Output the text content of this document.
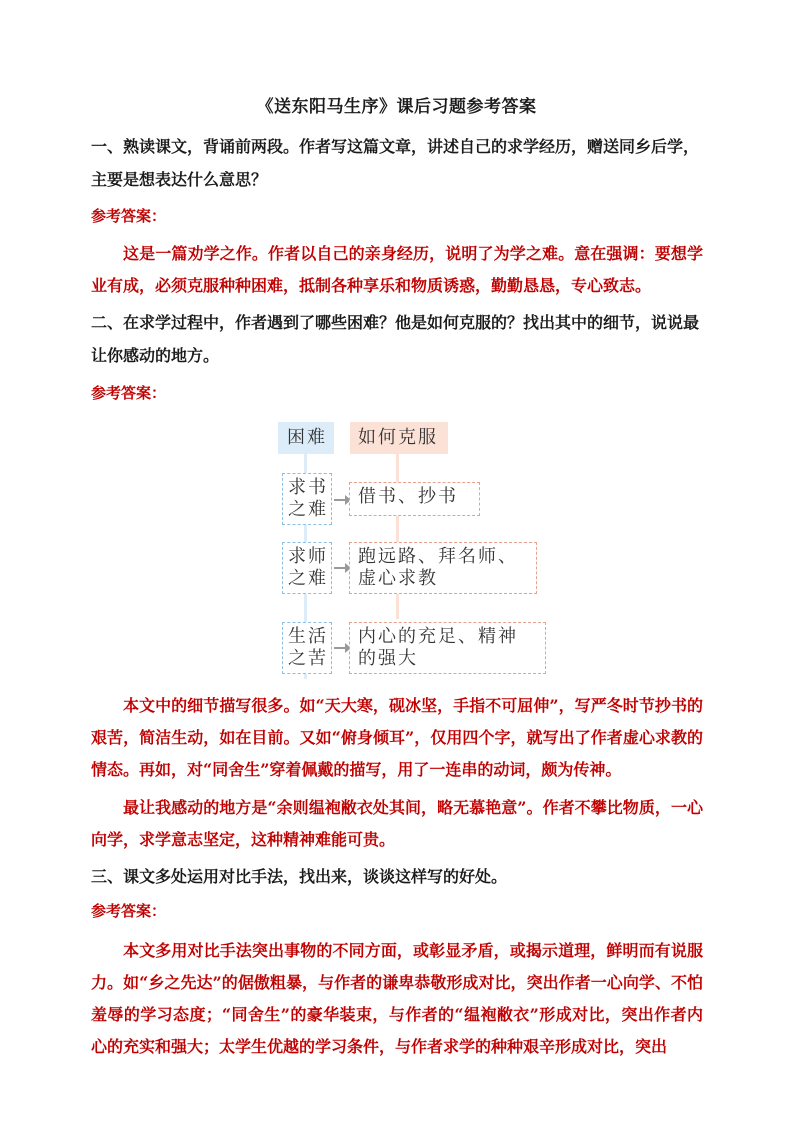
《送东阳马生序》课后习题参考答案
一、熟读课文，背诵前两段。作者写这篇文章，讲述自己的求学经历，赠送同乡后学，主要是想表达什么意思？
参考答案：
这是一篇劝学之作。作者以自己的亲身经历，说明了为学之难。意在强调：要想学业有成，必须克服种种困难，抵制各种享乐和物质诱惑，勤勤恳恳，专心致志。
二、在求学过程中，作者遇到了哪些困难？他是如何克服的？找出其中的细节，说说最让你感动的地方。
参考答案：
困难	如何克服
求书
之难
借书、抄书
求师
之难
跑远路、拜名师、
虚心求教
生活
之苦
内心的充足、精神
的强大
本文中的细节描写很多。如“天大寒，砚冰坚，手指不可屈伸”，写严冬时节抄书的艰苦，简洁生动，如在目前。又如“俯身倾耳”，仅用四个字，就写出了作者虚心求教的情态。再如，对“同舍生”穿着佩戴的描写，用了一连串的动词，颇为传神。
最让我感动的地方是“余则缊袍敝衣处其间，略无慕艳意”。作者不攀比物质，一心向学，求学意志坚定，这种精神难能可贵。
三、课文多处运用对比手法，找出来，谈谈这样写的好处。
参考答案：
本文多用对比手法突出事物的不同方面，或彰显矛盾，或揭示道理，鲜明而有说服力。如“乡之先达”的倨傲粗暴，与作者的谦卑恭敬形成对比，突出作者一心向学、不怕羞辱的学习态度；“同舍生”的豪华装束，与作者的“缊袍敝衣”形成对比，突出作者内心的充实和强大；太学生优越的学习条件，与作者求学的种种艰辛形成对比，突出
